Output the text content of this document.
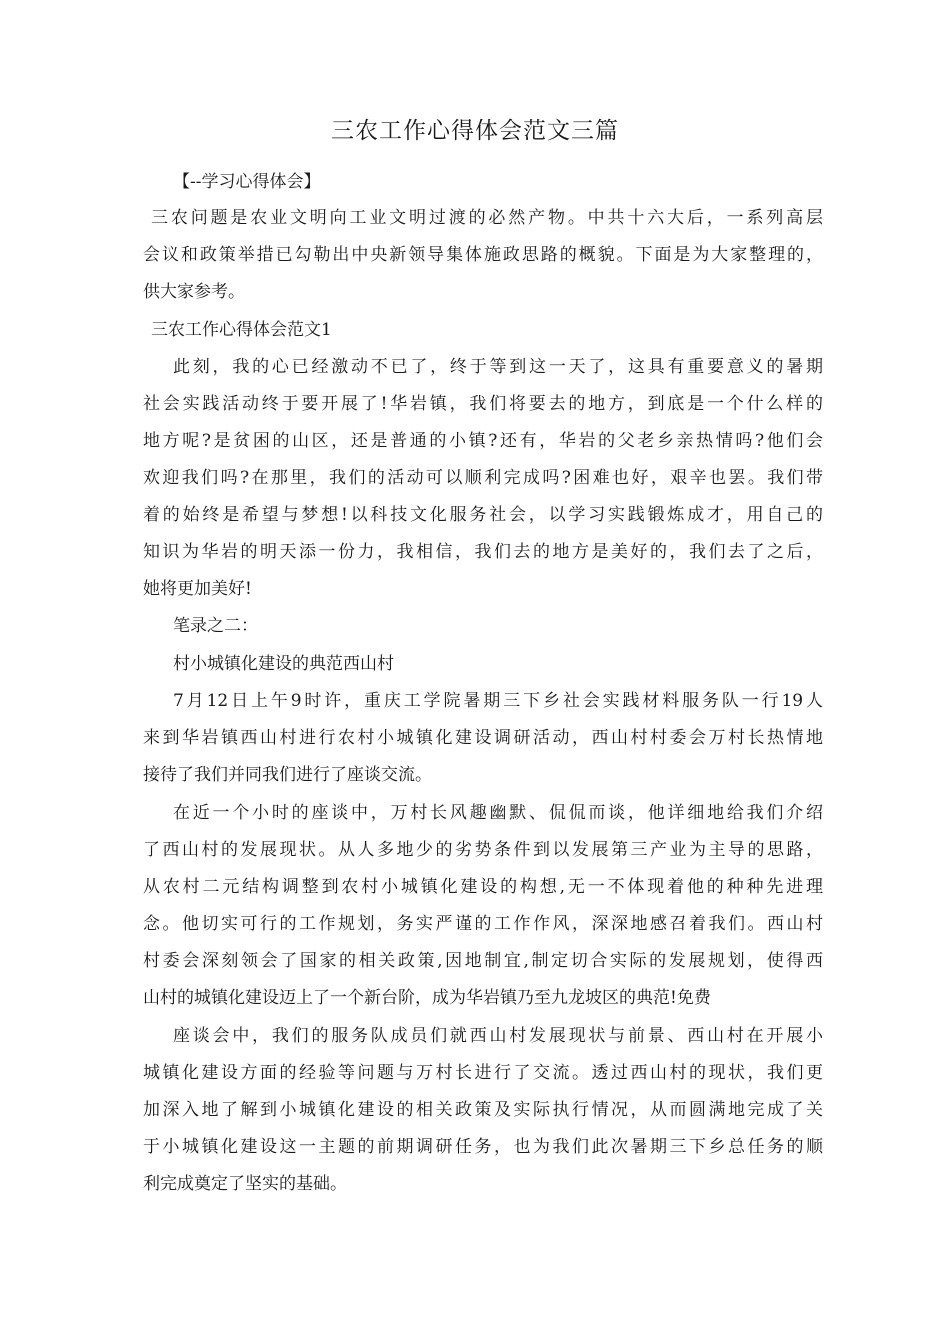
三农工作心得体会范文三篇
【--学习心得体会】
三农问题是农业文明向工业文明过渡的必然产物。中共十六大后，一系列高层
会议和政策举措已勾勒出中央新领导集体施政思路的概貌。下面是为大家整理的，
供大家参考。
三农工作心得体会范文1
此刻，我的心已经激动不已了，终于等到这一天了，这具有重要意义的暑期
社会实践活动终于要开展了!华岩镇，我们将要去的地方，到底是一个什么样的
地方呢?是贫困的山区，还是普通的小镇?还有，华岩的父老乡亲热情吗?他们会
欢迎我们吗?在那里，我们的活动可以顺利完成吗?困难也好，艰辛也罢。我们带
着的始终是希望与梦想!以科技文化服务社会，以学习实践锻炼成才，用自己的
知识为华岩的明天添一份力，我相信，我们去的地方是美好的，我们去了之后，
她将更加美好!
笔录之二：
村小城镇化建设的典范西山村
7月12日上午9时许，重庆工学院暑期三下乡社会实践材料服务队一行19人
来到华岩镇西山村进行农村小城镇化建设调研活动，西山村村委会万村长热情地
接待了我们并同我们进行了座谈交流。
在近一个小时的座谈中，万村长风趣幽默、侃侃而谈，他详细地给我们介绍
了西山村的发展现状。从人多地少的劣势条件到以发展第三产业为主导的思路，
从农村二元结构调整到农村小城镇化建设的构想,无一不体现着他的种种先进理
念。他切实可行的工作规划，务实严谨的工作作风，深深地感召着我们。西山村
村委会深刻领会了国家的相关政策,因地制宜,制定切合实际的发展规划，使得西
山村的城镇化建设迈上了一个新台阶，成为华岩镇乃至九龙坡区的典范!免费
座谈会中，我们的服务队成员们就西山村发展现状与前景、西山村在开展小
城镇化建设方面的经验等问题与万村长进行了交流。透过西山村的现状，我们更
加深入地了解到小城镇化建设的相关政策及实际执行情况，从而圆满地完成了关
于小城镇化建设这一主题的前期调研任务，也为我们此次暑期三下乡总任务的顺
利完成奠定了坚实的基础。
